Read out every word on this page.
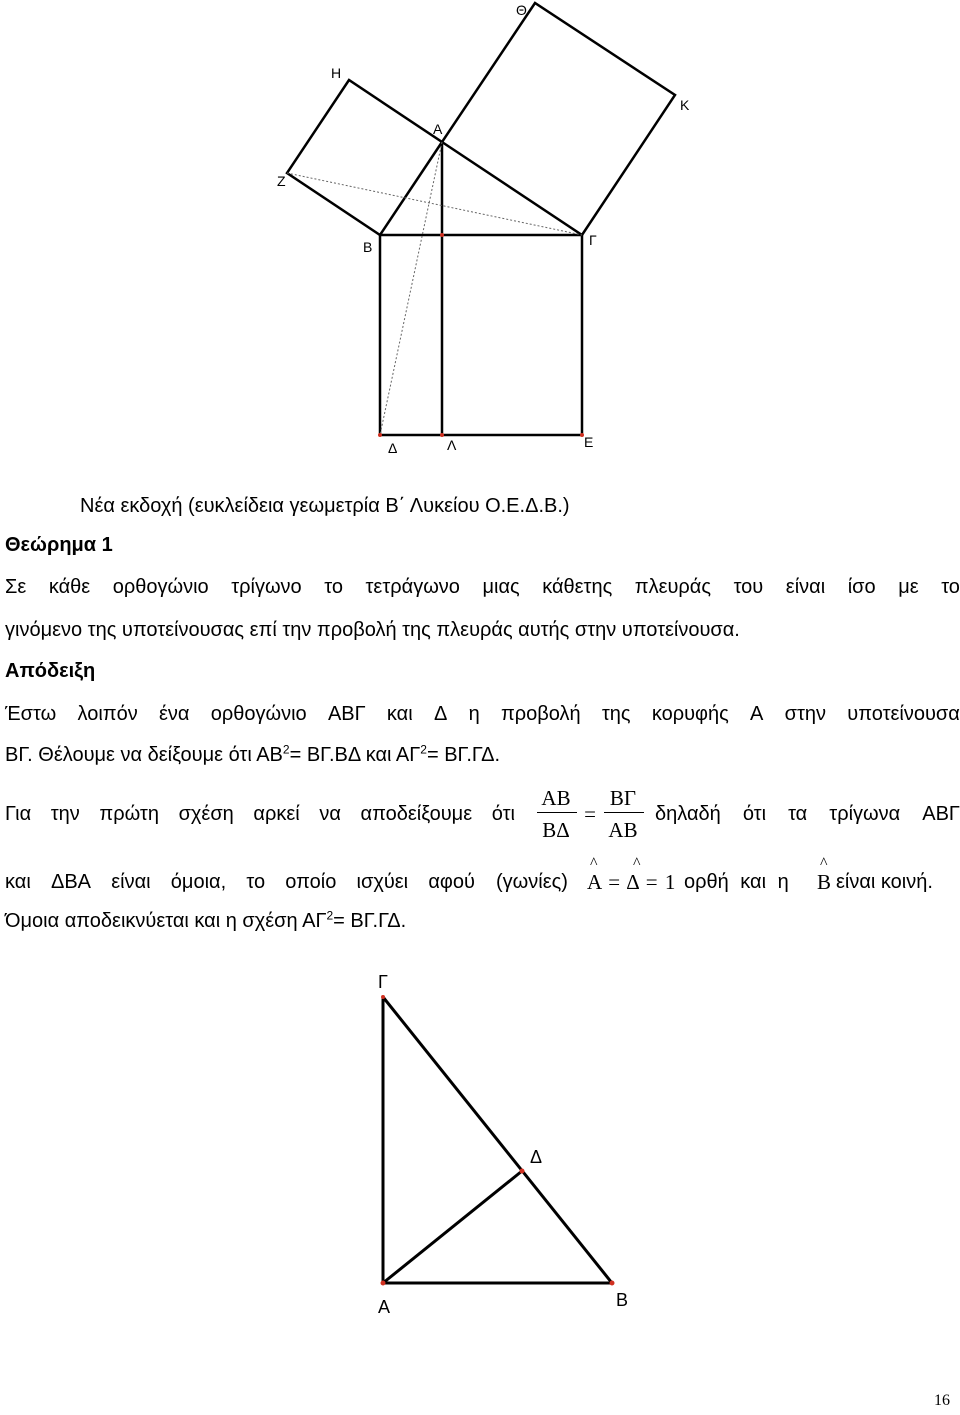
Θ
Η
Κ
Α
Ζ
Β	Γ
Δ	Λ	Ε
Νέα εκδοχή (ευκλείδεια γεωμετρία Β΄ Λυκείου Ο.Ε.Δ.Β.)
Θεώρημα 1
Σε κάθε ορθογώνιο τρίγωνο το τετράγωνο μιας κάθετης πλευράς του είναι ίσο με το
γινόμενο της υποτείνουσας επί την προβολή της πλευράς αυτής στην υποτείνουσα.
Απόδειξη
Έστω λοιπόν ένα ορθογώνιο ΑΒΓ και Δ η προβολή της κορυφής Α στην υποτείνουσα
ΒΓ. Θέλουμε να δείξουμε ότι $AB^2= B\Gamma.B\Delta$ και $A\Gamma^2= B\Gamma.\Gamma\Delta$.
Για την πρώτη σχέση αρκεί να αποδείξουμε ότι
ΑΒ
ΒΔ
=
ΒΓ
ΑΒ
δηλαδή ότι τα τρίγωνα ΑΒΓ
και ΔΒΑ είναι όμοια, το οποίο ισχύει αφού (γωνίες)
^ ^
Α = Δ = 1 ορθή και η
^
Β είναι κοινή.
Όμοια αποδεικνύεται και η σχέση $A\Gamma^2= B\Gamma.\Gamma\Delta$.
Γ
Δ
Α	Β
16
